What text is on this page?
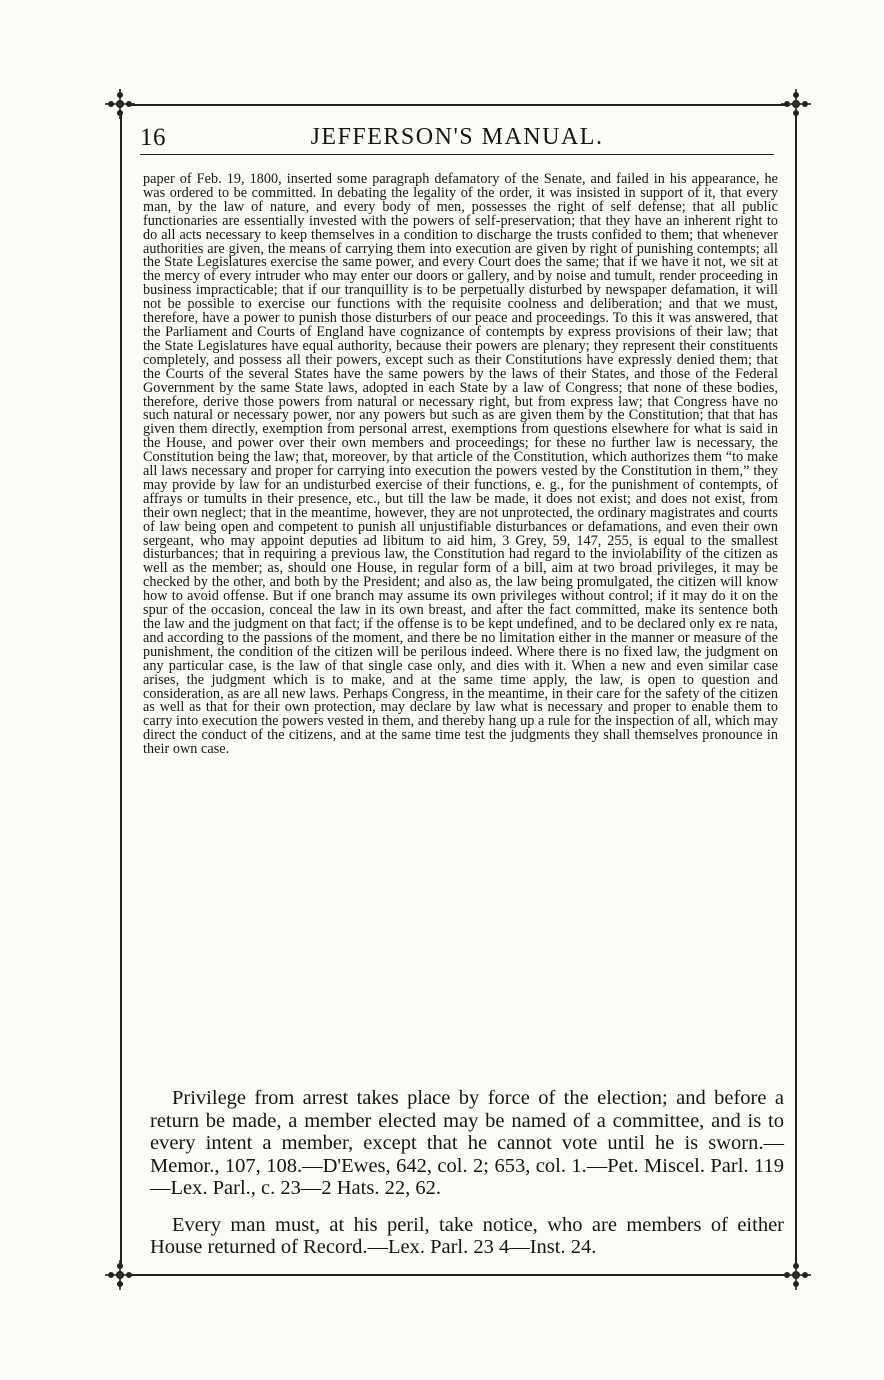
16	JEFFERSON'S MANUAL.

paper of Feb. 19, 1800, inserted some paragraph defamatory of the Senate, and failed in his appearance, he was ordered to be committed. In debating the legality of the order, it was insisted in support of it, that every man, by the law of nature, and every body of men, possesses the right of self defense; that all public functionaries are essentially invested with the powers of self-preservation; that they have an inherent right to do all acts necessary to keep themselves in a condition to discharge the trusts confided to them; that whenever authorities are given, the means of carrying them into execution are given by right of punishing contempts; all the State Legislatures exercise the same power, and every Court does the same; that if we have it not, we sit at the mercy of every intruder who may enter our doors or gallery, and by noise and tumult, render proceeding in business impracticable; that if our tranquillity is to be perpetually disturbed by newspaper defamation, it will not be possible to exercise our functions with the requisite coolness and deliberation; and that we must, therefore, have a power to punish those disturbers of our peace and proceedings. To this it was answered, that the Parliament and Courts of England have cognizance of contempts by express provisions of their law; that the State Legislatures have equal authority, because their powers are plenary; they represent their constituents completely, and possess all their powers, except such as their Constitutions have expressly denied them; that the Courts of the several States have the same powers by the laws of their States, and those of the Federal Government by the same State laws, adopted in each State by a law of Congress; that none of these bodies, therefore, derive those powers from natural or necessary right, but from express law; that Congress have no such natural or necessary power, nor any powers but such as are given them by the Constitution; that that has given them directly, exemption from personal arrest, exemptions from questions elsewhere for what is said in the House, and power over their own members and proceedings; for these no further law is necessary, the Constitution being the law; that, moreover, by that article of the Constitution, which authorizes them “to make all laws necessary and proper for carrying into execution the powers vested by the Constitution in them,” they may provide by law for an undisturbed exercise of their functions, e. g., for the punishment of contempts, of affrays or tumults in their presence, etc., but till the law be made, it does not exist; and does not exist, from their own neglect; that in the meantime, however, they are not unprotected, the ordinary magistrates and courts of law being open and competent to punish all unjustifiable disturbances or defamations, and even their own sergeant, who may appoint deputies ad libitum to aid him, 3 Grey, 59, 147, 255, is equal to the smallest disturbances; that in requiring a previous law, the Constitution had regard to the inviolability of the citizen as well as the member; as, should one House, in regular form of a bill, aim at two broad privileges, it may be checked by the other, and both by the President; and also as, the law being promulgated, the citizen will know how to avoid offense. But if one branch may assume its own privileges without control; if it may do it on the spur of the occasion, conceal the law in its own breast, and after the fact committed, make its sentence both the law and the judgment on that fact; if the offense is to be kept undefined, and to be declared only ex re nata, and according to the passions of the moment, and there be no limitation either in the manner or measure of the punishment, the condition of the citizen will be perilous indeed. Where there is no fixed law, the judgment on any particular case, is the law of that single case only, and dies with it. When a new and even similar case arises, the judgment which is to make, and at the same time apply, the law, is open to question and consideration, as are all new laws. Perhaps Congress, in the meantime, in their care for the safety of the citizen as well as that for their own protection, may declare by law what is necessary and proper to enable them to carry into execution the powers vested in them, and thereby hang up a rule for the inspection of all, which may direct the conduct of the citizens, and at the same time test the judgments they shall themselves pronounce in their own case.

Privilege from arrest takes place by force of the election; and before a return be made, a member elected may be named of a committee, and is to every intent a member, except that he cannot vote until he is sworn.—Memor., 107, 108.—D'Ewes, 642, col. 2; 653, col. 1.—Pet. Miscel. Parl. 119—Lex. Parl., c. 23—2 Hats. 22, 62.

Every man must, at his peril, take notice, who are members of either House returned of Record.—Lex. Parl. 23 4—Inst. 24.
